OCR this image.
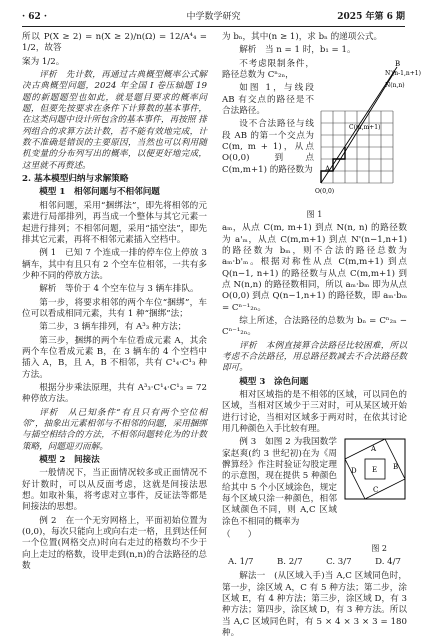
· 62 ·	中学数学研究	2025 年第 6 期

所以 P(X ≥ 2) = n(X ≥ 2)/n(Ω) = 12/A⁴₄ = 1/2，故答

案为 1/2。

评析　先计数，再通过古典概型概率公式解决古典概型问题，2024 年全国 I 卷压轴题 19 题的新题题型也如此，就是题目要求的概率问题，但要先按要求在条件下计算数的基本事件，在这类问题中设计所包含的基本事件，再按照 排列组合的求算方法计数，若不能有效地完成，计数不准确是错误的主要原因，当然也可以利用随机变量的分布列写出的概率，以便更好地完成，这里就不再赘述。

2. 基本模型归纳与求解策略

模型 1　相邻问题与不相邻问题

相邻问题，采用“捆绑法”，即先将相邻的元素进行局部排列，再当成一个整体与其它元素一起进行排列；不相邻问题，采用“插空法”，即先排其它元素，再将不相邻元素插入空档中。

例 1　已知 7 个连成一排的停车位上停放 3 辆车，其中有且只有 2 个空车位相邻，一共有多少种不同的停放方法。

解析　等价于 4 个空车位与 3 辆车排队。

第一步，将要求相邻的两个车位“捆绑”，车位可以看成相同元素，共有 1 种“捆绑”法；

第二步，3 辆车排列，有 A³₃ 种方法；

第三步，捆绑的两个车位看成元素 A，其余两个车位看成元素 B，在 3 辆车的 4 个空档中插入 A，B，且 A，B 不相邻，共有 C¹₄·C¹₃ 种方法。

根据分步乘法原理，共有 A³₃·C¹₄·C¹₃ = 72 种停放方法。

评析　从已知条件“有且只有两个空位相邻”，抽象出元素相邻与不相邻的问题，采用捆绑与插空相结合的方法，不相邻问题转化为的计数策略，问题迎刃而解。

模型 2　间接法

一般情况下，当正面情况较多或正面情况不好计数时，可以从反面考虑，这就是间接法思想。如取补集，将考虑对立事件，反证法等都是间接法的思想。

例 2　在一个无穷网格上，平面初始位置为(0,0)，每次只能向上或向右走一格，且到达任何一个位置(网格交点)时向右走过的格数均不少于向上走过的格数，设甲走到(n,n)的合法路径的总数

为 bₙ，其中(n ≥ 1)，求 bₙ 的递项公式。

解析　当 n = 1 时，b₁ = 1。

不考虑限制条件，路径总数为 Cⁿ₂ₙ，

如图 1，与线段 AB 有交点的路径是不合法路径。

设不合法路径与线段 AB 的第一个交点为 C(m, m + 1)，从点 O(0,0) 到点 C(m,m+1) 的路径数为

B
N'(n-1,n+1)
N(n,n)
C(m,m+1)
A
O(0,0)
图 1

aₘ，从点 C(m, m+1) 到点 N(n, n) 的路径数为 a'ₘ，从点 C(m,m+1) 到点 N'(n−1,n+1) 的路径数为 bₘ，则不合法的路径总数为 aₘ·b'ₘ。根据对称性从点 C(m,m+1) 到点 Q(n−1, n+1) 的路径数与从点 C(m,m+1) 到点 N(n,n) 的路径数相同，所以 aₘ·bₘ 即为从点 O(0,0) 到点 Q(n−1,n+1) 的路径数，即 aₘ·bₘ = Cⁿ⁻¹₂ₙ。

综上所述，合法路径的总数为 bₙ = Cⁿ₂ₙ − Cⁿ⁻¹₂ₙ。

评析　本例直接算合法路径比较困难，所以考虑不合法路径，用总路径数减去不合法路径数即可。

模型 3　涂色问题

相对区域指的是不相邻的区域，可以同色的区域，当相对区域少于三对时，可从某区域开始进行讨论，当相对区域多于两对时，在依其讨论用几种颜色入手比较有理。

例 3　如图 2 为我国数学家赵爽(约 3 世纪初)在为《周髀算经》作注时验证勾股定理的示意图，现在提供 5 种颜色给其中 5 个小区域涂色，规定每个区域只涂一种颜色，相邻区域颜色不同，则 A,C 区域涂色不相同的概率为

（　　）

A
B
C
D E
图 2
A. 1/7	B. 2/7	C. 3/7	D. 4/7

解法一　(从区域入手)当 A,C 区域同色时，第一步，涂区域 A，C 有 5 种方法；第二步，涂区域 E，有 4 种方法；第三步，涂区域 D，有 3 种方法；第四步，涂区域 D，有 3 种方法。所以当 A,C 区域同色时，有 5 × 4 × 3 × 3 = 180 种。
